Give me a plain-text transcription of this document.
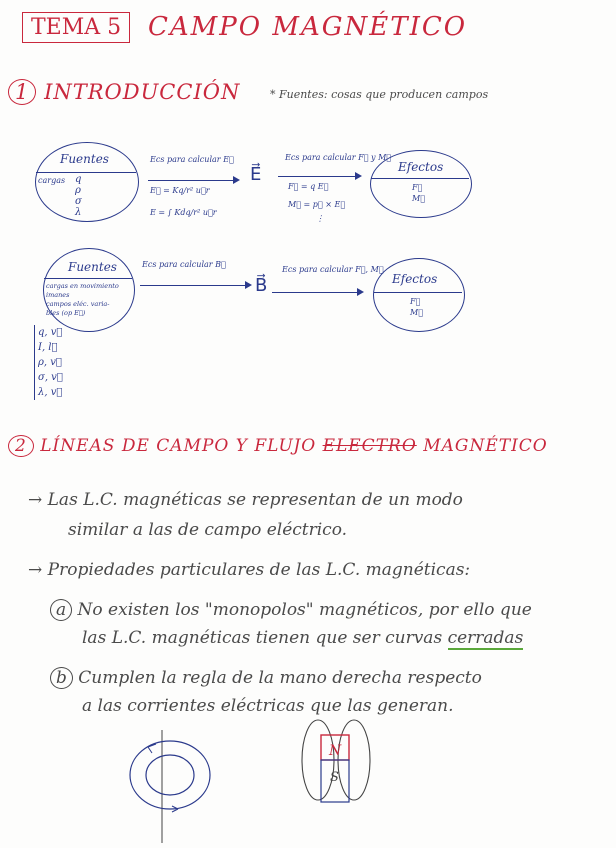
TEMA 5	CAMPO MAGNÉTICO
1 INTRODUCCIÓN	* Fuentes: cosas que producen campos
Fuentes
cargas q
ρ
σ
λ
Ecs para calcular E⃗
E⃗ = Kq/r² u⃗r
E = ∫ Kdq/r² u⃗r
E⃗
Ecs para calcular F⃗ y M⃗
F⃗ = q E⃗
M⃗ = p⃗ × E⃗
⋮
Efectos
F⃗
M⃗
Fuentes
cargas en movimiento
imanes
campos eléc. varia-
bles (op E⃗)
Ecs para calcular B⃗
B⃗
Ecs para calcular F⃗, M⃗
Efectos
F⃗
M⃗
q, v⃗
I, l⃗
ρ, v⃗
σ, v⃗
λ, v⃗
2 LÍNEAS DE CAMPO Y FLUJO ELECTRO MAGNÉTICO
→ Las L.C. magnéticas se representan de un modo
similar a las de campo eléctrico.
→ Propiedades particulares de las L.C. magnéticas:
a No existen los "monopolos" magnéticos, por ello que
las L.C. magnéticas tienen que ser curvas cerradas
b Cumplen la regla de la mano derecha respecto
a las corrientes eléctricas que las generan.
N
S
